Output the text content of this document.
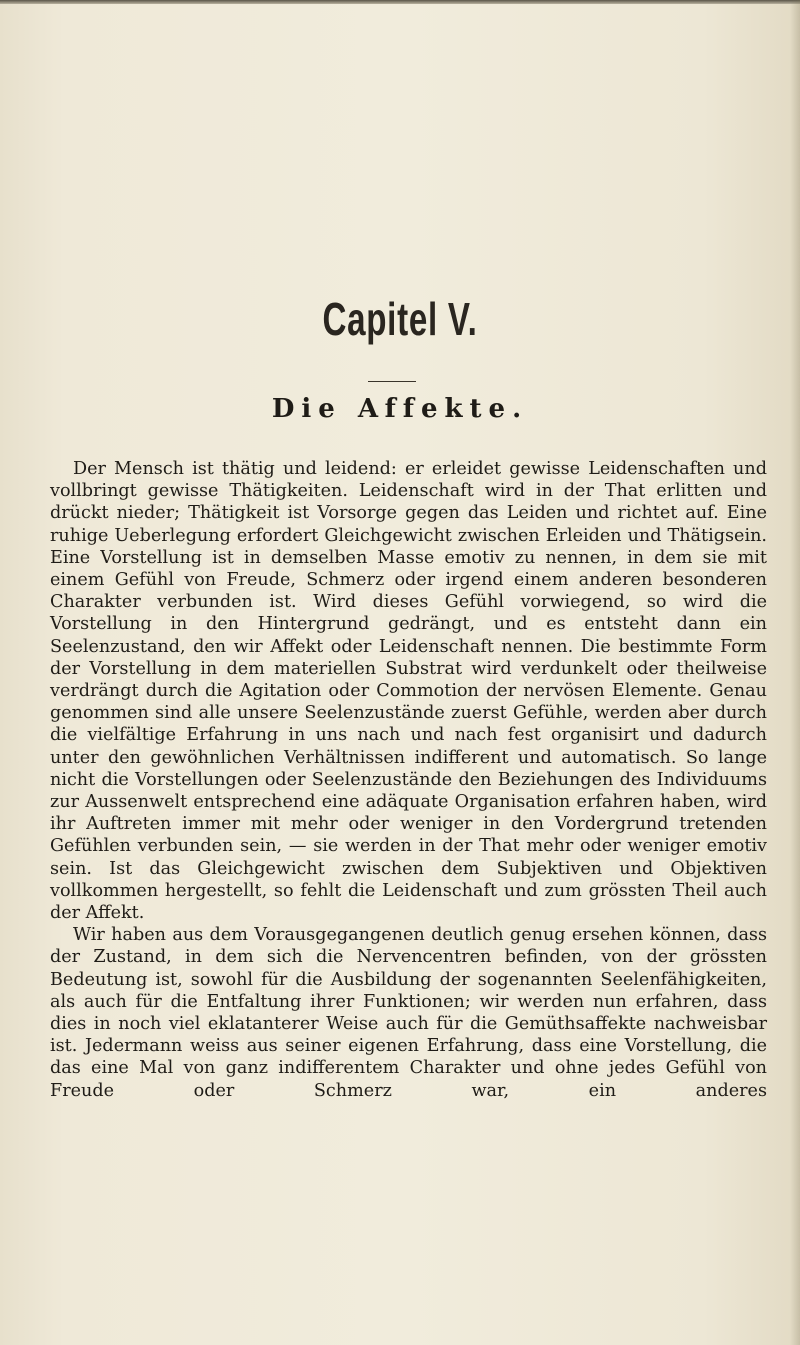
Capitel V.
Die Affekte.

Der Mensch ist thätig und leidend: er erleidet gewisse Leidenschaften und vollbringt gewisse Thätigkeiten. Leidenschaft wird in der That erlitten und drückt nieder; Thätigkeit ist Vorsorge gegen das Leiden und richtet auf. Eine ruhige Ueberlegung erfordert Gleichgewicht zwischen Erleiden und Thätigsein. Eine Vorstellung ist in demselben Masse emotiv zu nennen, in dem sie mit einem Gefühl von Freude, Schmerz oder irgend einem anderen besonderen Charakter verbunden ist. Wird dieses Gefühl vorwiegend, so wird die Vorstellung in den Hintergrund gedrängt, und es entsteht dann ein Seelenzustand, den wir Affekt oder Leidenschaft nennen. Die bestimmte Form der Vorstellung in dem materiellen Substrat wird verdunkelt oder theilweise verdrängt durch die Agitation oder Commotion der nervösen Elemente. Genau genommen sind alle unsere Seelenzustände zuerst Gefühle, werden aber durch die vielfältige Erfahrung in uns nach und nach fest organisirt und dadurch unter den gewöhnlichen Verhältnissen indifferent und automatisch. So lange nicht die Vorstellungen oder Seelenzustände den Beziehungen des Individuums zur Aussenwelt entsprechend eine adäquate Organisation erfahren haben, wird ihr Auftreten immer mit mehr oder weniger in den Vordergrund tretenden Gefühlen verbunden sein, — sie werden in der That mehr oder weniger emotiv sein. Ist das Gleichgewicht zwischen dem Subjektiven und Objektiven vollkommen hergestellt, so fehlt die Leidenschaft und zum grössten Theil auch der Affekt.

Wir haben aus dem Vorausgegangenen deutlich genug ersehen können, dass der Zustand, in dem sich die Nervencentren befinden, von der grössten Bedeutung ist, sowohl für die Ausbildung der sogenannten Seelenfähigkeiten, als auch für die Entfaltung ihrer Funktionen; wir werden nun erfahren, dass dies in noch viel eklatanterer Weise auch für die Gemüthsaffekte nachweisbar ist. Jedermann weiss aus seiner eigenen Erfahrung, dass eine Vorstellung, die das eine Mal von ganz indifferentem Charakter und ohne jedes Gefühl von Freude oder Schmerz war, ein anderes
